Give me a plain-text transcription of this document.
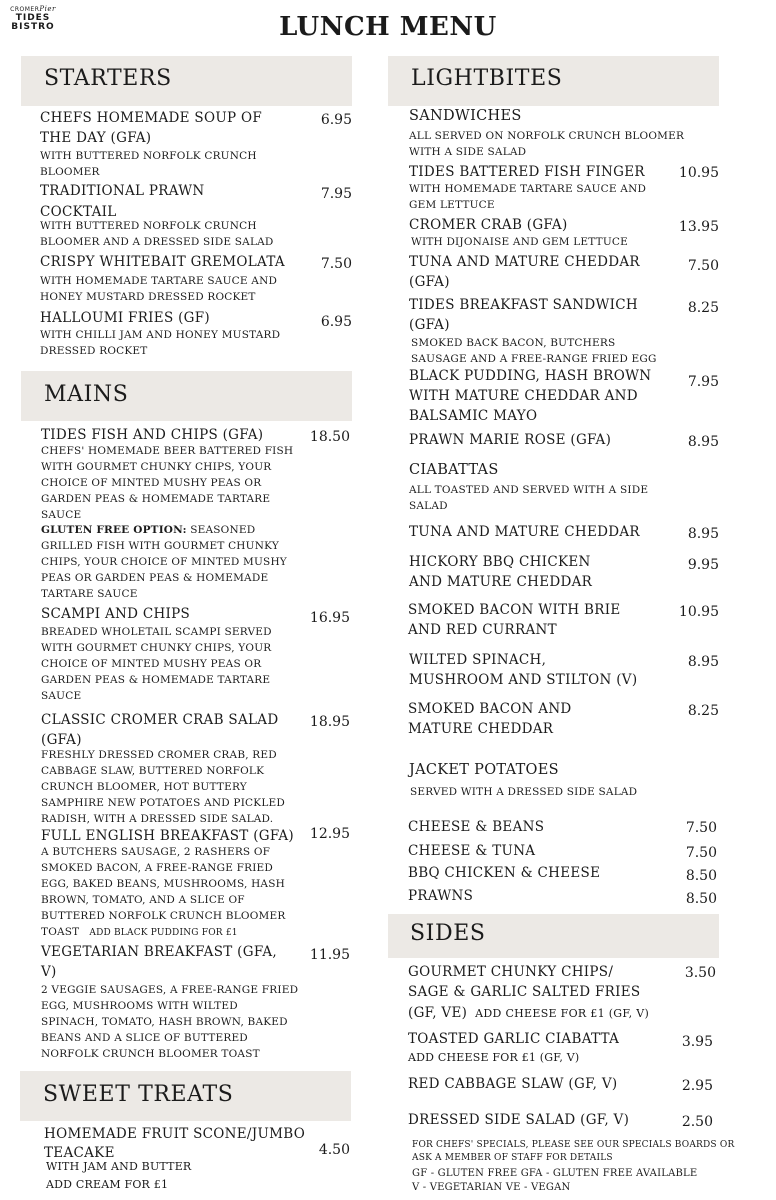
CROMERPier
TIDES
BISTRO	LUNCH MENU
STARTERS
CHEFS HOMEMADE SOUP OF
THE DAY (GFA)
6.95
WITH BUTTERED NORFOLK CRUNCH
BLOOMER
TRADITIONAL PRAWN
COCKTAIL
7.95
WITH BUTTERED NORFOLK CRUNCH
BLOOMER AND A DRESSED SIDE SALAD
CRISPY WHITEBAIT GREMOLATA	7.50
WITH HOMEMADE TARTARE SAUCE AND
HONEY MUSTARD DRESSED ROCKET
HALLOUMI FRIES (GF)	6.95
WITH CHILLI JAM AND HONEY MUSTARD
DRESSED ROCKET
MAINS
TIDES FISH AND CHIPS (GFA)	18.50
CHEFS' HOMEMADE BEER BATTERED FISH
WITH GOURMET CHUNKY CHIPS, YOUR
CHOICE OF MINTED MUSHY PEAS OR
GARDEN PEAS & HOMEMADE TARTARE
SAUCE
GLUTEN FREE OPTION: SEASONED
GRILLED FISH WITH GOURMET CHUNKY
CHIPS, YOUR CHOICE OF MINTED MUSHY
PEAS OR GARDEN PEAS & HOMEMADE
TARTARE SAUCE
SCAMPI AND CHIPS	16.95
BREADED WHOLETAIL SCAMPI SERVED
WITH GOURMET CHUNKY CHIPS, YOUR
CHOICE OF MINTED MUSHY PEAS OR
GARDEN PEAS & HOMEMADE TARTARE
SAUCE
CLASSIC CROMER CRAB SALAD
(GFA)
18.95
FRESHLY DRESSED CROMER CRAB, RED
CABBAGE SLAW, BUTTERED NORFOLK
CRUNCH BLOOMER, HOT BUTTERY
SAMPHIRE NEW POTATOES AND PICKLED
RADISH, WITH A DRESSED SIDE SALAD.
FULL ENGLISH BREAKFAST (GFA)	12.95
A BUTCHERS SAUSAGE, 2 RASHERS OF
SMOKED BACON, A FREE-RANGE FRIED
EGG, BAKED BEANS, MUSHROOMS, HASH
BROWN, TOMATO, AND A SLICE OF
BUTTERED NORFOLK CRUNCH BLOOMER
TOAST ADD BLACK PUDDING FOR £1
VEGETARIAN BREAKFAST (GFA,
V)
11.95
2 VEGGIE SAUSAGES, A FREE-RANGE FRIED
EGG, MUSHROOMS WITH WILTED
SPINACH, TOMATO, HASH BROWN, BAKED
BEANS AND A SLICE OF BUTTERED
NORFOLK CRUNCH BLOOMER TOAST
SWEET TREATS
HOMEMADE FRUIT SCONE/JUMBO
TEACAKE	4.50
WITH JAM AND BUTTER
ADD CREAM FOR £1
LIGHTBITES
SANDWICHES
ALL SERVED ON NORFOLK CRUNCH BLOOMER
WITH A SIDE SALAD
TIDES BATTERED FISH FINGER	10.95
WITH HOMEMADE TARTARE SAUCE AND
GEM LETTUCE
CROMER CRAB (GFA)	13.95
WITH DIJONAISE AND GEM LETTUCE
TUNA AND MATURE CHEDDAR
(GFA)
7.50
TIDES BREAKFAST SANDWICH
(GFA)
8.25
SMOKED BACK BACON, BUTCHERS
SAUSAGE AND A FREE-RANGE FRIED EGG
BLACK PUDDING, HASH BROWN
WITH MATURE CHEDDAR AND
BALSAMIC MAYO
7.95
PRAWN MARIE ROSE (GFA)	8.95
CIABATTAS
ALL TOASTED AND SERVED WITH A SIDE
SALAD
TUNA AND MATURE CHEDDAR	8.95
HICKORY BBQ CHICKEN
AND MATURE CHEDDAR
9.95
SMOKED BACON WITH BRIE
AND RED CURRANT
10.95
WILTED SPINACH,
MUSHROOM AND STILTON (V)
8.95
SMOKED BACON AND
MATURE CHEDDAR
8.25
JACKET POTATOES
SERVED WITH A DRESSED SIDE SALAD
CHEESE & BEANS	7.50
CHEESE & TUNA	7.50
BBQ CHICKEN & CHEESE	8.50
PRAWNS	8.50
SIDES
GOURMET CHUNKY CHIPS/
SAGE & GARLIC SALTED FRIES
(GF, VE) ADD CHEESE FOR £1 (GF, V)
3.50
TOASTED GARLIC CIABATTA
ADD CHEESE FOR £1 (GF, V)
3.95
RED CABBAGE SLAW (GF, V)	2.95
DRESSED SIDE SALAD (GF, V)	2.50
FOR CHEFS' SPECIALS, PLEASE SEE OUR SPECIALS BOARDS OR
ASK A MEMBER OF STAFF FOR DETAILS
GF - GLUTEN FREE GFA - GLUTEN FREE AVAILABLE
V - VEGETARIAN VE - VEGAN
